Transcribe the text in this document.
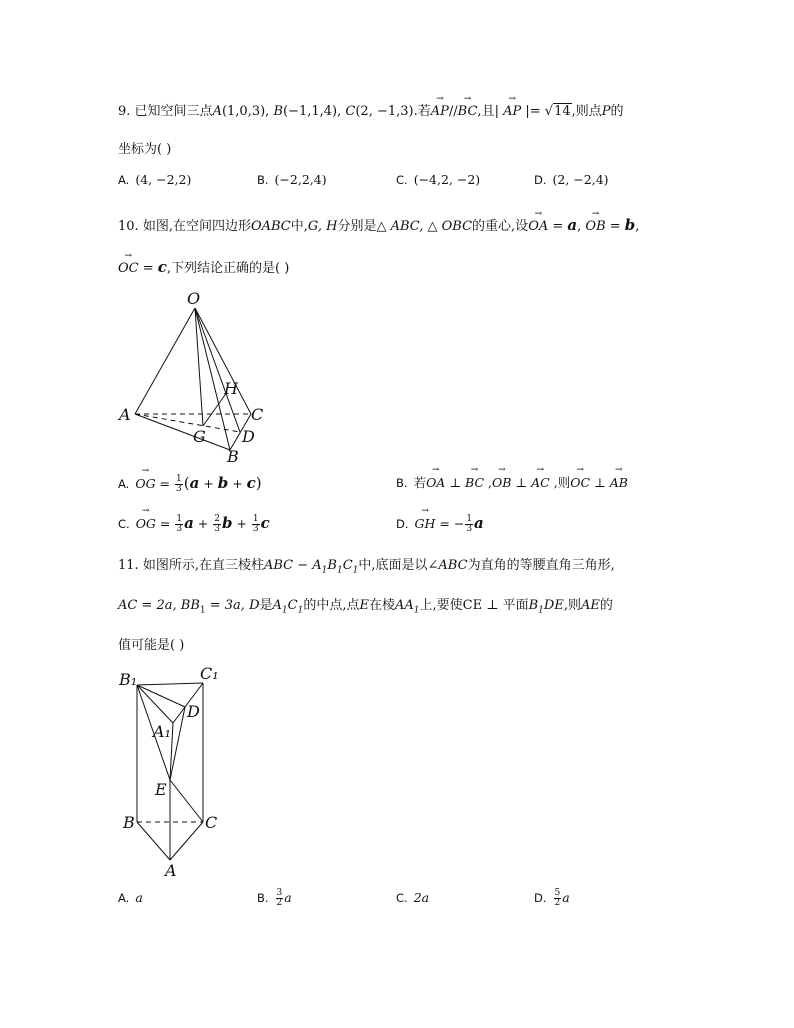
9. 已知空间三点A(1,0,3), B(−1,1,4), C(2, −1,3).若→ AP//→ BC,且| → AP |= √14,则点P的
坐标为( )
A. (4, −2,2)	B. (−2,2,4)	C. (−4,2, −2)	D. (2, −2,4)
10. 如图,在空间四边形OABC中,G, H分别是△ ABC, △ OBC的重心,设→ OA = a, → OB = b,
→ OC = c,下列结论正确的是( )
O
A
B
C
G
H
D
A. → OG = $\frac{1}{3} (a + b + c)$	B. 若→ OA ⊥ → BC ,→ OB ⊥ → AC ,则→ OC ⊥ → AB
C. → OG = $\frac{1}{3}$ $a + \frac{2}{3}$ $b + \frac{1}{3}$ c	D. → GH = − $\frac{1}{3}$ a
11. 如图所示,在直三棱柱ABC − $A_1B_1C_1$中,底面是以∠ABC为直角的等腰直角三角形,
AC = 2a, $BB_1 = 3a$, D是$A_1C_1$的中点,点E在棱$AA_1$上,要使CE ⊥ 平面$B_1DE$,则AE的
值可能是( )
B₁	C₁
D
A₁
E
B	C
A
A. a	B. $\frac{3}{2}$ a	C. 2a	D. $\frac{5}{2}$ a
